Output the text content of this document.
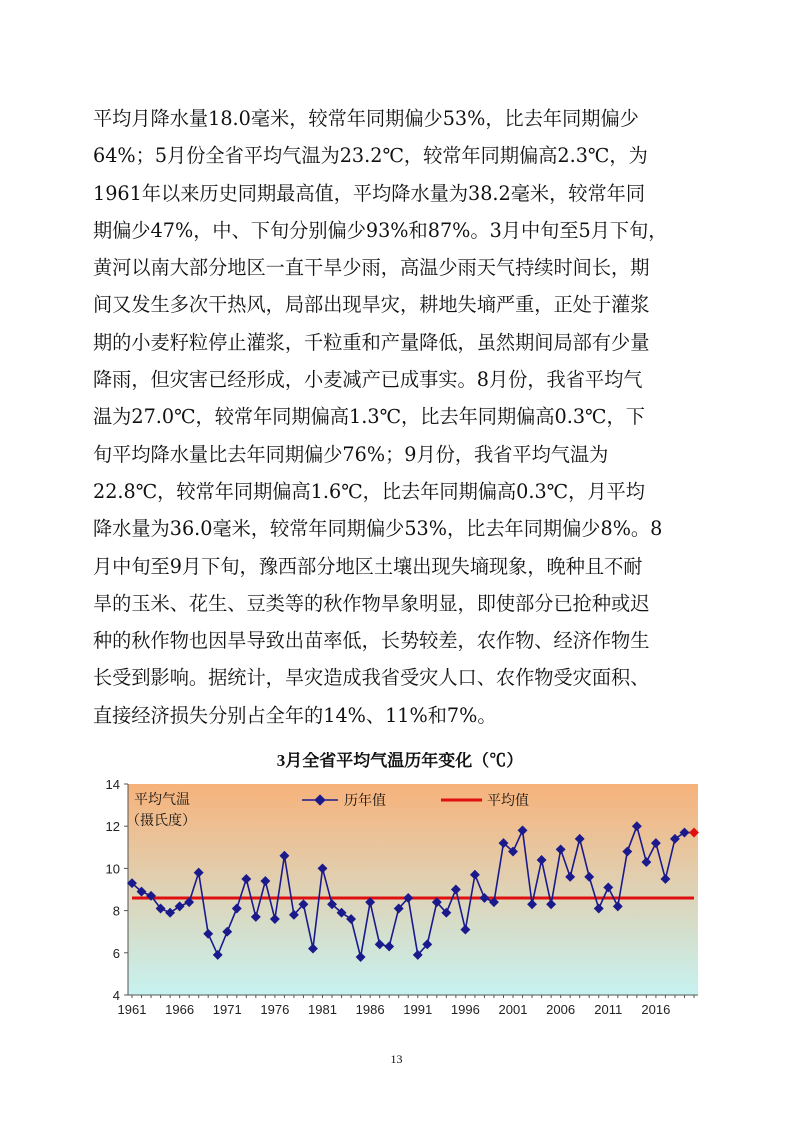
平均月降水量18.0毫米，较常年同期偏少53%，比去年同期偏少
64%；5月份全省平均气温为23.2℃，较常年同期偏高2.3℃，为
1961年以来历史同期最高值，平均降水量为38.2毫米，较常年同
期偏少47%，中、下旬分别偏少93%和87%。3月中旬至5月下旬，
黄河以南大部分地区一直干旱少雨，高温少雨天气持续时间长，期
间又发生多次干热风，局部出现旱灾，耕地失墒严重，正处于灌浆
期的小麦籽粒停止灌浆，千粒重和产量降低，虽然期间局部有少量
降雨，但灾害已经形成，小麦减产已成事实。8月份，我省平均气
温为27.0℃，较常年同期偏高1.3℃，比去年同期偏高0.3℃，下
旬平均降水量比去年同期偏少76%；9月份，我省平均气温为
22.8℃，较常年同期偏高1.6℃，比去年同期偏高0.3℃，月平均
降水量为36.0毫米，较常年同期偏少53%，比去年同期偏少8%。8
月中旬至9月下旬，豫西部分地区土壤出现失墒现象，晚种且不耐
旱的玉米、花生、豆类等的秋作物旱象明显，即使部分已抢种或迟
种的秋作物也因旱导致出苗率低，长势较差，农作物、经济作物生
长受到影响。据统计，旱灾造成我省受灾人口、农作物受灾面积、
直接经济损失分别占全年的14%、11%和7%。
3月全省平均气温历年变化（℃）
平均气温
（摄氏度）
历年值	平均值
4
6
8
10
12
14
1961 1966 1971 1976 1981 1986 1991 1996 2001 2006 2011 2016
13
